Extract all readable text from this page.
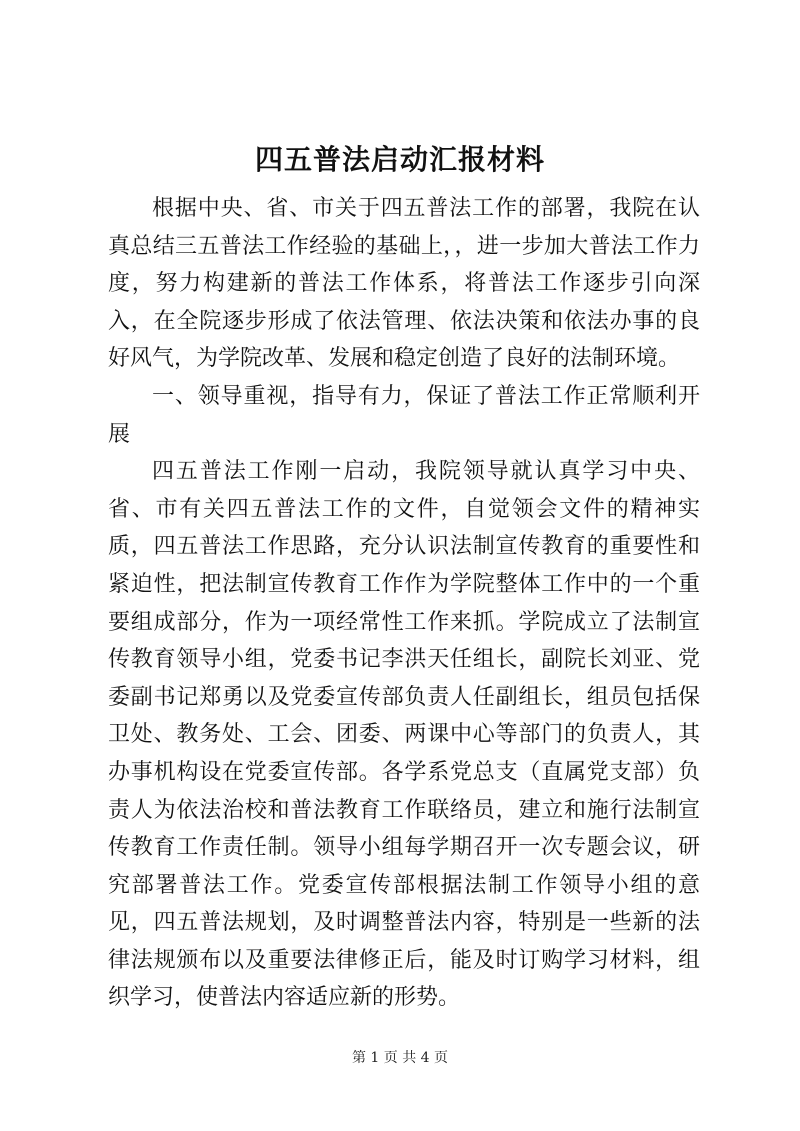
四五普法启动汇报材料

根据中央、省、市关于四五普法工作的部署，我院在认真总结三五普法工作经验的基础上，，进一步加大普法工作力度，努力构建新的普法工作体系，将普法工作逐步引向深入，在全院逐步形成了依法管理、依法决策和依法办事的良好风气，为学院改革、发展和稳定创造了良好的法制环境。

一、领导重视，指导有力，保证了普法工作正常顺利开展

四五普法工作刚一启动，我院领导就认真学习中央、省、市有关四五普法工作的文件，自觉领会文件的精神实质，四五普法工作思路，充分认识法制宣传教育的重要性和紧迫性，把法制宣传教育工作作为学院整体工作中的一个重要组成部分，作为一项经常性工作来抓。学院成立了法制宣传教育领导小组，党委书记李洪天任组长，副院长刘亚、党委副书记郑勇以及党委宣传部负责人任副组长，组员包括保卫处、教务处、工会、团委、两课中心等部门的负责人，其办事机构设在党委宣传部。各学系党总支（直属党支部）负责人为依法治校和普法教育工作联络员，建立和施行法制宣传教育工作责任制。领导小组每学期召开一次专题会议，研究部署普法工作。党委宣传部根据法制工作领导小组的意见，四五普法规划，及时调整普法内容，特别是一些新的法律法规颁布以及重要法律修正后，能及时订购学习材料，组织学习，使普法内容适应新的形势。

第 1 页 共 4 页
